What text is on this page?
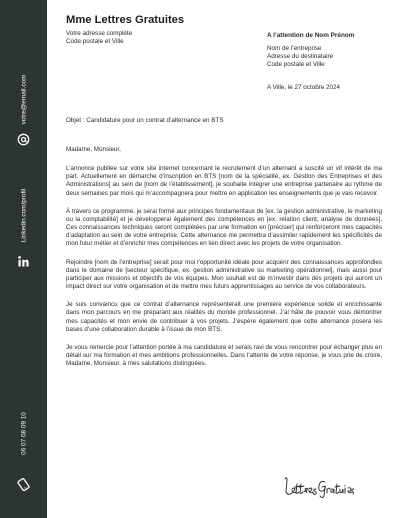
votre@email.com
Linkedin.com/profil
06 07 08 09 10
Mme Lettres Gratuites
Votre adresse complète
Code postale et Ville
A l’attention de Nom Prénom
Nom de l’entreprise
Adresse du destinataire
Code postale et Ville
A Ville, le 27 octobre 2024
Objet : Candidature pour un contrat d’alternance en BTS
Madame, Monsieur,

L’annonce publiée sur votre site internet concernant le recrutement d’un alternant a suscité un vif intérêt de ma part. Actuellement en démarche d’inscription en BTS [nom de la spécialité, ex. Gestion des Entreprises et des Administrations] au sein de [nom de l’établissement], je souhaite intégrer une entreprise partenaire au rythme de deux semaines par mois qui m’accompagnera pour mettre en application les enseignements que je vais recevoir.

À travers ce programme, je serai formé aux principes fondamentaux de [ex. la gestion administrative, le marketing ou la comptabilité] et je développerai également des compétences en [ex. relation client, analyse de données]. Ces connaissances techniques seront complétées par une formation en [préciser] qui renforceront mes capacités d’adaptation au sein de votre entreprise. Cette alternance me permettra d’assimiler rapidement les spécificités de mon futur métier et d’enrichir mes compétences en lien direct avec les projets de votre organisation.

Rejoindre [nom de l’entreprise] serait pour moi l’opportunité idéale pour acquérir des connaissances approfondies dans le domaine de [secteur spécifique, ex. gestion administrative ou marketing opérationnel], mais aussi pour participer aux missions et objectifs de vos équipes. Mon souhait est de m’investir dans des projets qui auront un impact direct sur votre organisation et de mettre mes futurs apprentissages au service de vos collaborateurs.

Je suis convaincu que ce contrat d’alternance représenterait une première expérience solide et enrichissante dans mon parcours en me préparant aux réalités du monde professionnel. J’ai hâte de pouvoir vous démontrer mes capacités et mon envie de contribuer à vos projets. J’espère également que cette alternance posera les bases d’une collaboration durable à l’issue de mon BTS.

Je vous remercie pour l’attention portée à ma candidature et serais ravi de vous rencontrer pour échanger plus en détail sur ma formation et mes ambitions professionnelles. Dans l’attente de votre réponse, je vous prie de croire, Madame, Monsieur, à mes salutations distinguées.
